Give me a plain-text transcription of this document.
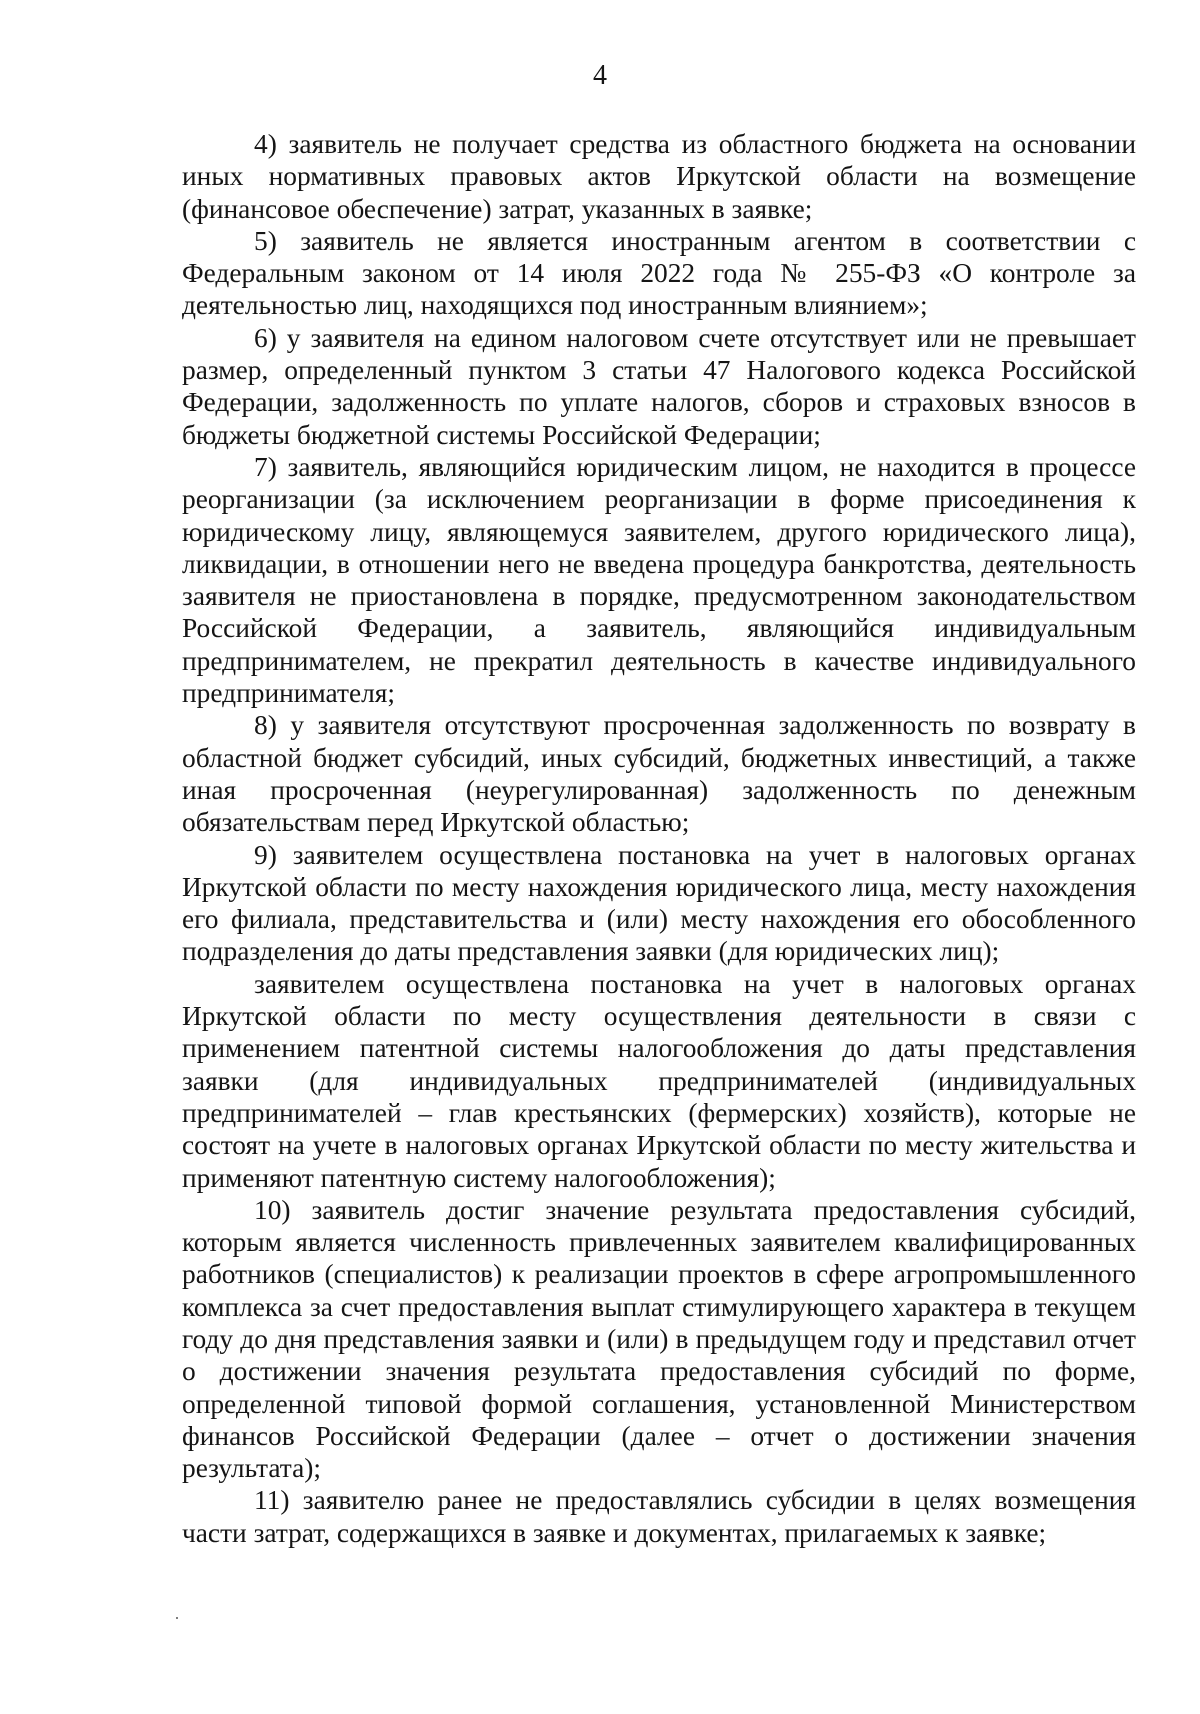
4

4) заявитель не получает средства из областного бюджета на основании иных нормативных правовых актов Иркутской области на возмещение (финансовое обеспечение) затрат, указанных в заявке;

5) заявитель не является иностранным агентом в соответствии с Федеральным законом от 14 июля 2022 года № 255-ФЗ «О контроле за деятельностью лиц, находящихся под иностранным влиянием»;

6) у заявителя на едином налоговом счете отсутствует или не превышает размер, определенный пунктом 3 статьи 47 Налогового кодекса Российской Федерации, задолженность по уплате налогов, сборов и страховых взносов в бюджеты бюджетной системы Российской Федерации;

7) заявитель, являющийся юридическим лицом, не находится в процессе реорганизации (за исключением реорганизации в форме присоединения к юридическому лицу, являющемуся заявителем, другого юридического лица), ликвидации, в отношении него не введена процедура банкротства, деятельность заявителя не приостановлена в порядке, предусмотренном законодательством Российской Федерации, а заявитель, являющийся индивидуальным предпринимателем, не прекратил деятельность в качестве индивидуального предпринимателя;

8) у заявителя отсутствуют просроченная задолженность по возврату в областной бюджет субсидий, иных субсидий, бюджетных инвестиций, а также иная просроченная (неурегулированная) задолженность по денежным обязательствам перед Иркутской областью;

9) заявителем осуществлена постановка на учет в налоговых органах Иркутской области по месту нахождения юридического лица, месту нахождения его филиала, представительства и (или) месту нахождения его обособленного подразделения до даты представления заявки (для юридических лиц);

заявителем осуществлена постановка на учет в налоговых органах Иркутской области по месту осуществления деятельности в связи с применением патентной системы налогообложения до даты представления заявки (для индивидуальных предпринимателей (индивидуальных предпринимателей – глав крестьянских (фермерских) хозяйств), которые не состоят на учете в налоговых органах Иркутской области по месту жительства и применяют патентную систему налогообложения);

10) заявитель достиг значение результата предоставления субсидий, которым является численность привлеченных заявителем квалифицированных работников (специалистов) к реализации проектов в сфере агропромышленного комплекса за счет предоставления выплат стимулирующего характера в текущем году до дня представления заявки и (или) в предыдущем году и представил отчет о достижении значения результата предоставления субсидий по форме, определенной типовой формой соглашения, установленной Министерством финансов Российской Федерации (далее – отчет о достижении значения результата);

11) заявителю ранее не предоставлялись субсидии в целях возмещения части затрат, содержащихся в заявке и документах, прилагаемых к заявке;
